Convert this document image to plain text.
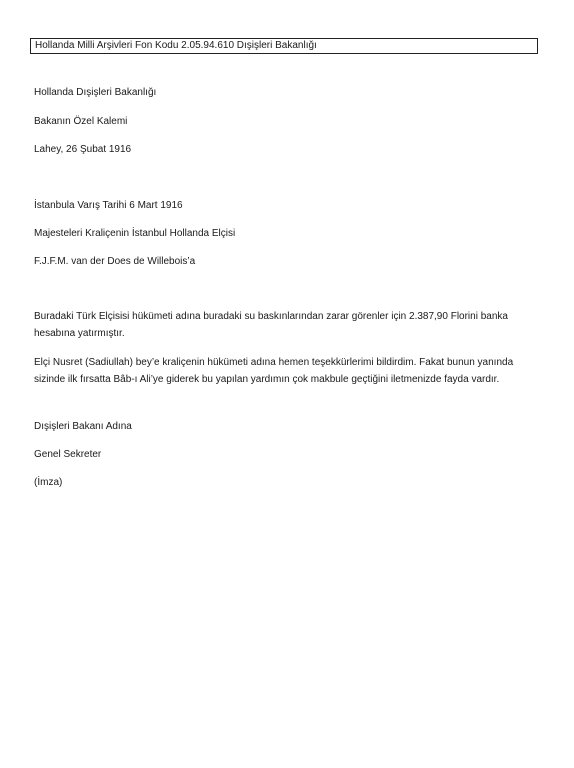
Hollanda Milli Arşivleri Fon Kodu 2.05.94.610 Dışişleri Bakanlığı
Hollanda Dışişleri Bakanlığı
Bakanın Özel Kalemi
Lahey, 26 Şubat 1916
İstanbula Varış Tarihi 6 Mart 1916
Majesteleri Kraliçenin İstanbul Hollanda Elçisi
F.J.F.M. van der Does de Willebois’a
Buradaki Türk Elçisisi hükümeti adına buradaki su baskınlarından zarar görenler için 2.387,90 Florini banka hesabına yatırmıştır.
Elçi Nusret (Sadiullah) bey’e kraliçenin hükümeti adına hemen teşekkürlerimi bildirdim. Fakat bunun yanında sizinde ilk fırsatta Bâb-ı Ali’ye giderek bu yapılan yardımın çok makbule geçtiğini iletmenizde fayda vardır.
Dışişleri Bakanı Adına
Genel Sekreter
(İmza)
